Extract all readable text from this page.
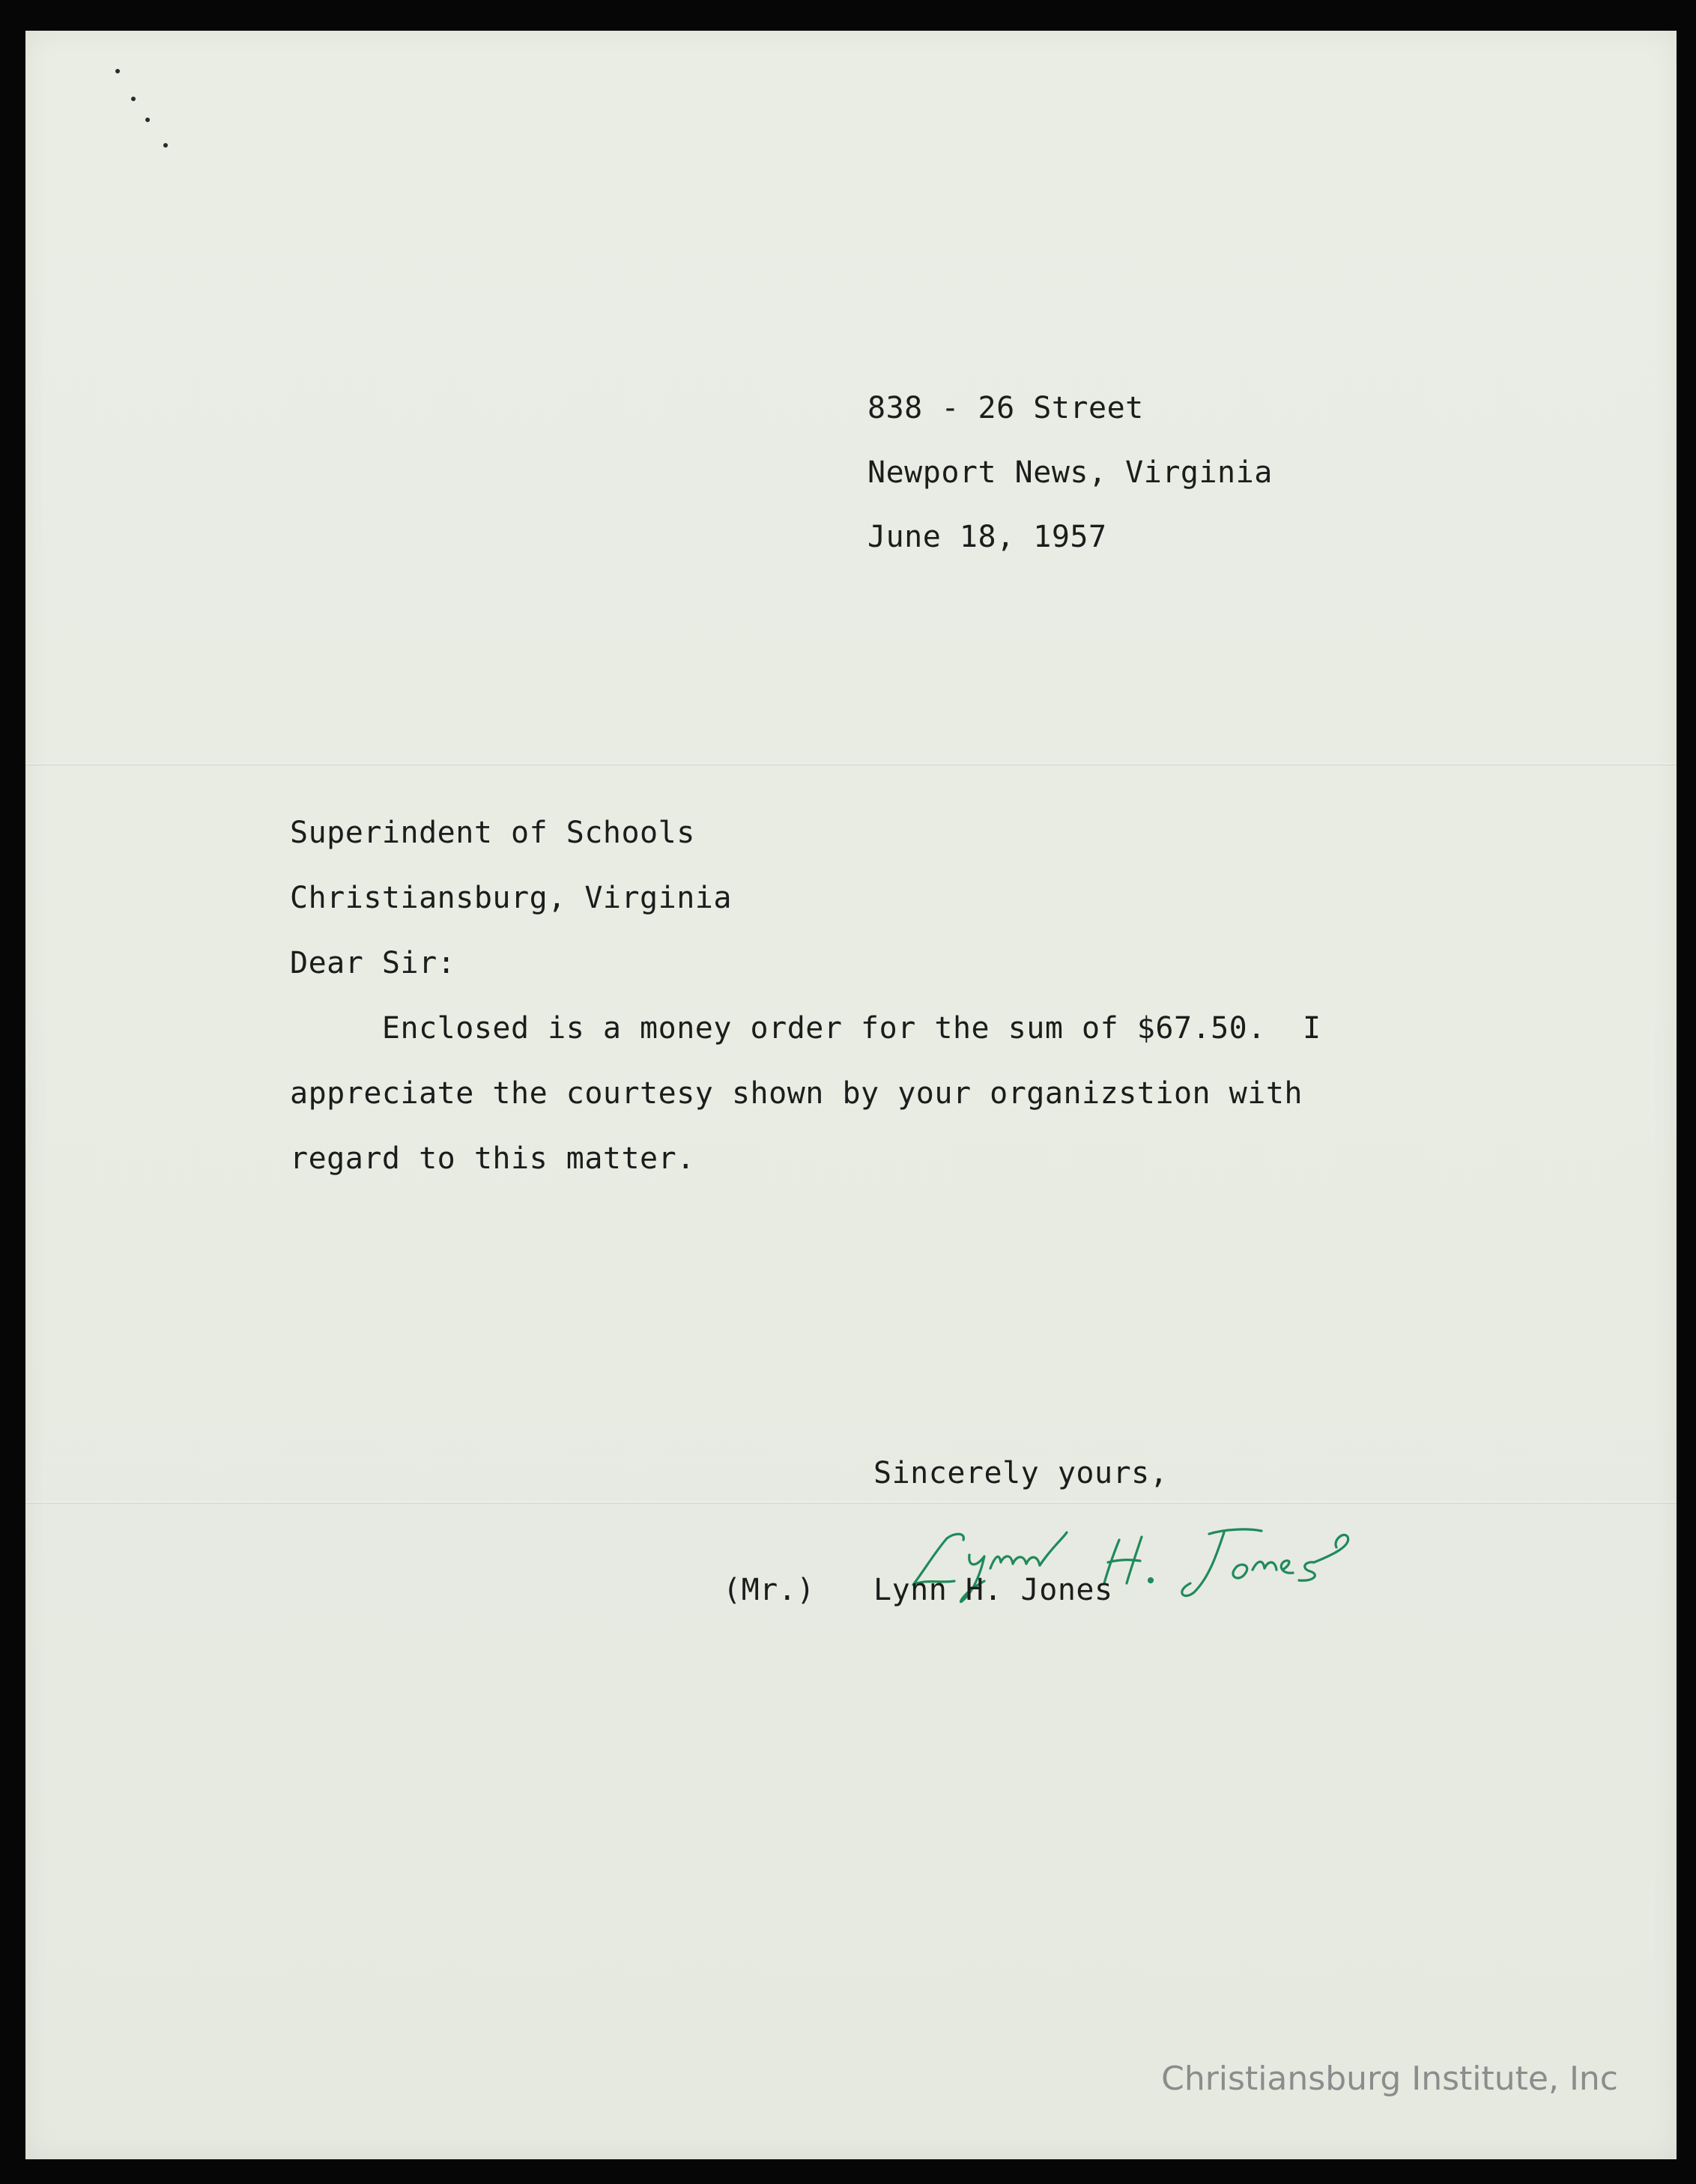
838 - 26 Street
Newport News, Virginia
June 18, 1957
Superindent of Schools
Christiansburg, Virginia
Dear Sir:
Enclosed is a money order for the sum of $67.50.  I
appreciate the courtesy shown by your organizstion with
regard to this matter.
Sincerely yours,
(Mr.) Lynn H. Jones
Christiansburg Institute, Inc
